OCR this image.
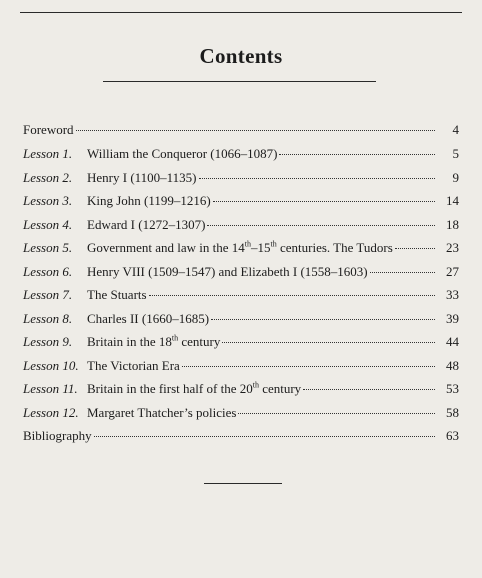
Contents
Foreword	4
Lesson 1.	William the Conqueror (1066–1087)	5
Lesson 2.	Henry I (1100–1135)	9
Lesson 3.	King John (1199–1216)	14
Lesson 4.	Edward I (1272–1307)	18
Lesson 5.	Government and law in the 14th–15th centuries. The Tudors	23
Lesson 6.	Henry VIII (1509–1547) and Elizabeth I (1558–1603)	27
Lesson 7.	The Stuarts	33
Lesson 8.	Charles II (1660–1685)	39
Lesson 9.	Britain in the 18th century	44
Lesson 10. The Victorian Era	48
Lesson 11. Britain in the first half of the 20th century	53
Lesson 12. Margaret Thatcher’s policies	58
Bibliography	63
